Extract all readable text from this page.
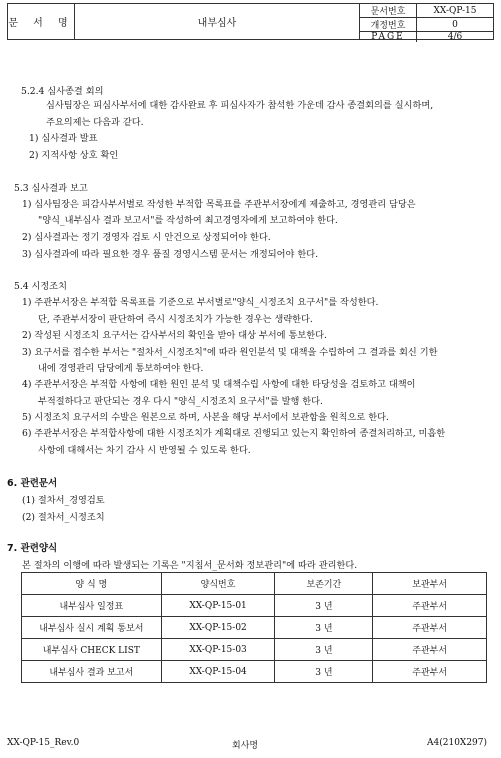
문 서 명	내부심사
문서번호	XX-QP-15
개정번호	0
PAGE	4/6
5.2.4 심사종결 회의
심사팀장은 피심사부서에 대한 감사완료 후 피심사자가 참석한 가운데 감사 종결회의를 실시하며,
주요의제는 다음과 같다.
1) 심사결과 발표
2) 지적사항 상호 확인
5.3 심사결과 보고
1) 심사팀장은 피감사부서별로 작성한 부적합 목록표를 주관부서장에게 제출하고, 경영관리 담당은
"양식_내부심사 결과 보고서"를 작성하여 최고경영자에게 보고하여야 한다.
2) 심사결과는 정기 경영자 검토 시 안건으로 상정되어야 한다.
3) 심사결과에 따라 필요한 경우 품질 경영시스템 문서는 개정되어야 한다.
5.4 시정조치
1) 주관부서장은 부적합 목록표를 기준으로 부서별로"양식_시정조치 요구서"를 작성한다.
단, 주관부서장이 판단하여 즉시 시정조치가 가능한 경우는 생략한다.
2) 작성된 시정조치 요구서는 감사부서의 확인을 받아 대상 부서에 통보한다.
3) 요구서를 접수한 부서는 "절차서_시정조치"에 따라 원인분석 및 대책을 수립하여 그 결과를 회신 기한
내에 경영관리 담당에게 통보하여야 한다.
4) 주관부서장은 부적합 사항에 대한 원인 분석 및 대책수립 사항에 대한 타당성을 검토하고 대책이
부적절하다고 판단되는 경우 다시 "양식_시정조치 요구서"를 발행 한다.
5) 시정조치 요구서의 수발은 원본으로 하며, 사본을 해당 부서에서 보관함을 원칙으로 한다.
6) 주관부서장은 부적합사항에 대한 시정조치가 계획대로 진행되고 있는지 확인하여 종결처리하고, 미흡한
사항에 대해서는 차기 감사 시 반영될 수 있도록 한다.
6. 관련문서
(1) 절차서_경영검토
(2) 절차서_시정조치
7. 관련양식
본 절차의 이행에 따라 발생되는 기록은 "지침서_문서화 정보관리"에 따라 관리한다.
양 식 명	양식번호	보존기간	보관부서
내부심사 일정표	XX-QP-15-01	3 년	주관부서
내부심사 실시 계획 통보서	XX-QP-15-02	3 년	주관부서
내부심사 CHECK LIST	XX-QP-15-03	3 년	주관부서
내부심사 결과 보고서	XX-QP-15-04	3 년	주관부서
XX-QP-15_Rev.0	회사명	A4(210X297)
